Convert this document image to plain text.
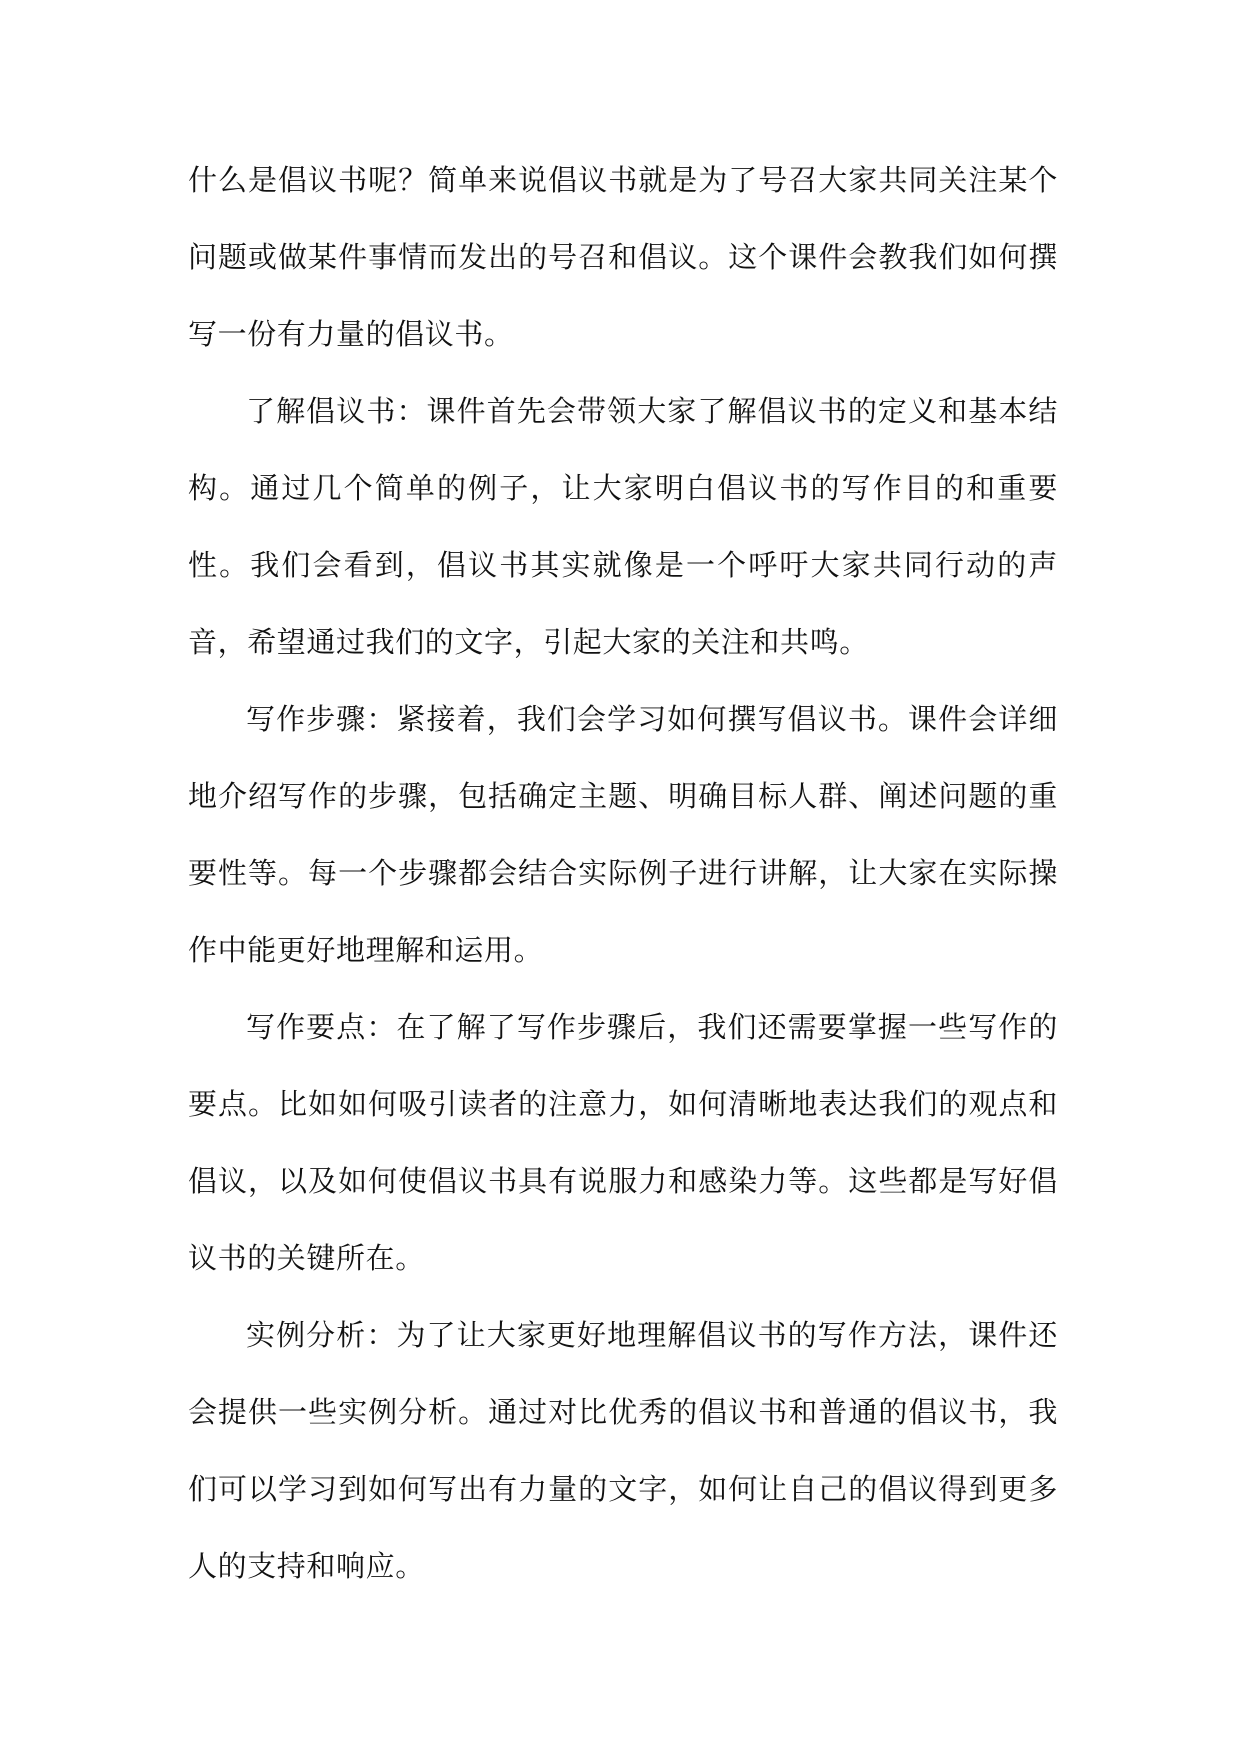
什么是倡议书呢？简单来说倡议书就是为了号召大家共同关注某个问题或做某件事情而发出的号召和倡议。这个课件会教我们如何撰写一份有力量的倡议书。

了解倡议书：课件首先会带领大家了解倡议书的定义和基本结构。通过几个简单的例子，让大家明白倡议书的写作目的和重要性。我们会看到，倡议书其实就像是一个呼吁大家共同行动的声音，希望通过我们的文字，引起大家的关注和共鸣。

写作步骤：紧接着，我们会学习如何撰写倡议书。课件会详细地介绍写作的步骤，包括确定主题、明确目标人群、阐述问题的重要性等。每一个步骤都会结合实际例子进行讲解，让大家在实际操作中能更好地理解和运用。

写作要点：在了解了写作步骤后，我们还需要掌握一些写作的要点。比如如何吸引读者的注意力，如何清晰地表达我们的观点和倡议，以及如何使倡议书具有说服力和感染力等。这些都是写好倡议书的关键所在。

实例分析：为了让大家更好地理解倡议书的写作方法，课件还会提供一些实例分析。通过对比优秀的倡议书和普通的倡议书，我们可以学习到如何写出有力量的文字，如何让自己的倡议得到更多人的支持和响应。
